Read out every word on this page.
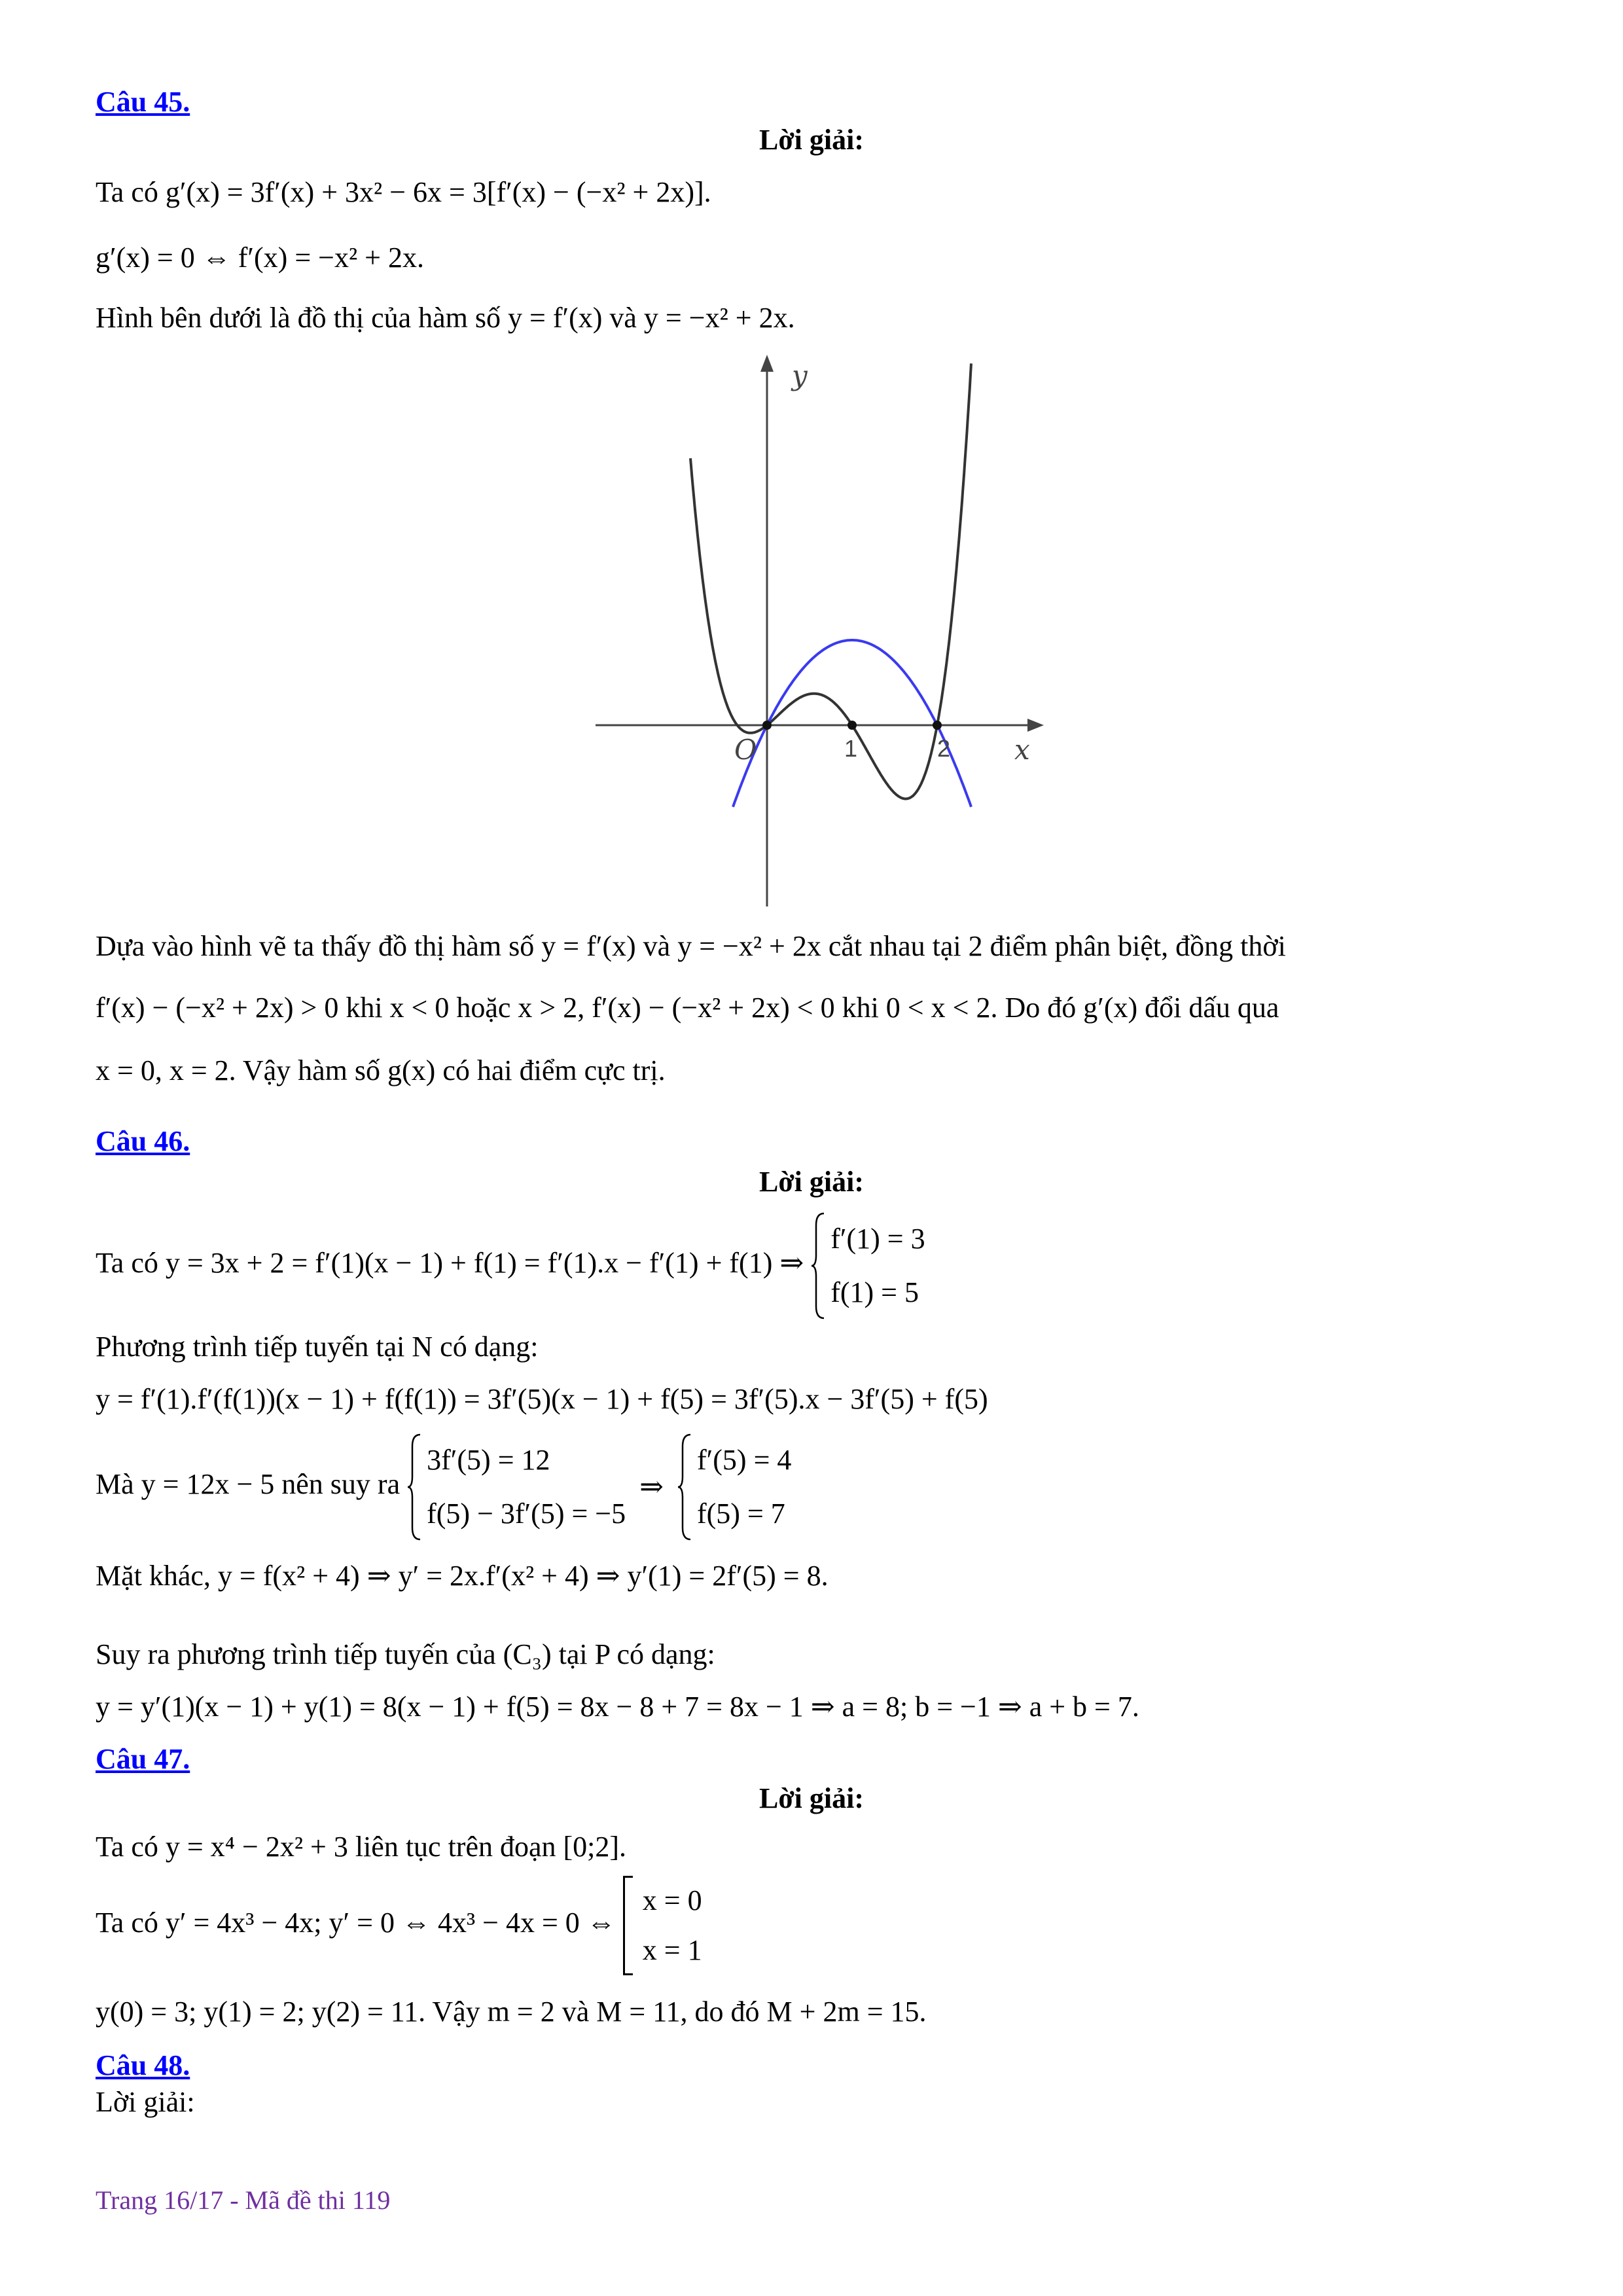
Câu 45.
Lời giải:
Ta có g′(x) = 3f′(x) + 3x² − 6x = 3[f′(x) − (−x² + 2x)].
g′(x) = 0 ⇔ f′(x) = −x² + 2x.
Hình bên dưới là đồ thị của hàm số y = f′(x) và y = −x² + 2x.
y
x
O	1	2
Dựa vào hình vẽ ta thấy đồ thị hàm số y = f′(x) và y = −x² + 2x cắt nhau tại 2 điểm phân biệt, đồng thời
f′(x) − (−x² + 2x) > 0 khi x < 0 hoặc x > 2, f′(x) − (−x² + 2x) < 0 khi 0 < x < 2. Do đó g′(x) đổi dấu qua
x = 0, x = 2. Vậy hàm số g(x) có hai điểm cực trị.
Câu 46.
Lời giải:
Ta có y = 3x + 2 = f′(1)(x − 1) + f(1) = f′(1).x − f′(1) + f(1) ⇒
f′(1) = 3
f(1) = 5
Phương trình tiếp tuyến tại N có dạng:
y = f′(1).f′(f(1))(x − 1) + f(f(1)) = 3f′(5)(x − 1) + f(5) = 3f′(5).x − 3f′(5) + f(5)
Mà y = 12x − 5 nên suy ra
3f′(5) = 12
f(5) − 3f′(5) = −5
⇒
f′(5) = 4
f(5) = 7
Mặt khác, y = f(x² + 4) ⇒ y′ = 2x.f′(x² + 4) ⇒ y′(1) = 2f′(5) = 8.
Suy ra phương trình tiếp tuyến của (C₃) tại P có dạng:
y = y′(1)(x − 1) + y(1) = 8(x − 1) + f(5) = 8x − 8 + 7 = 8x − 1 ⇒ a = 8; b = −1 ⇒ a + b = 7.
Câu 47.
Lời giải:
Ta có y = x⁴ − 2x² + 3 liên tục trên đoạn [0;2].
Ta có y′ = 4x³ − 4x; y′ = 0 ⇔ 4x³ − 4x = 0 ⇔
x = 0
x = 1
y(0) = 3; y(1) = 2; y(2) = 11. Vậy m = 2 và M = 11, do đó M + 2m = 15.
Câu 48.
Lời giải:
Trang 16/17 - Mã đề thi 119
